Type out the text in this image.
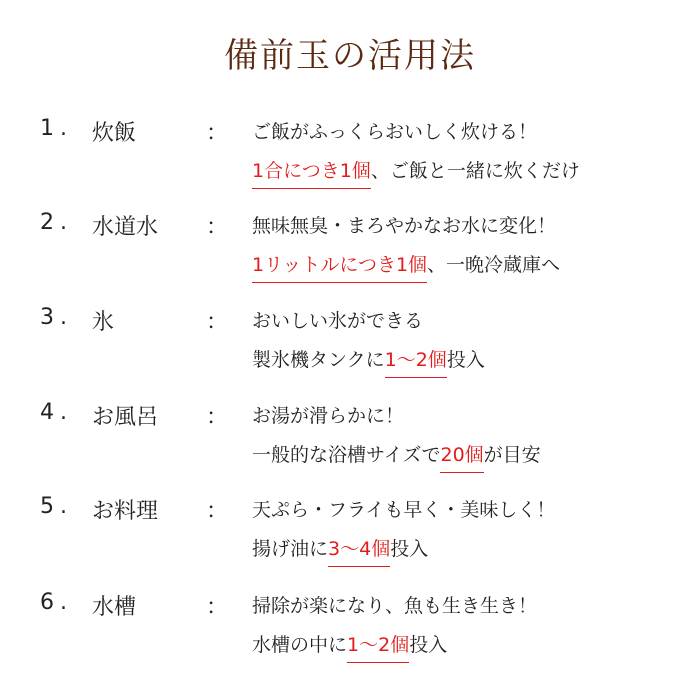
備前玉の活用法
1. 炊飯	： ご飯がふっくらおいしく炊ける！
1合につき1個、ご飯と一緒に炊くだけ
2. 水道水 ： 無味無臭・まろやかなお水に変化！
1リットルにつき1個、一晩冷蔵庫へ
3. 氷	： おいしい氷ができる
製氷機タンクに1〜2個投入
4. お風呂 ： お湯が滑らかに！
一般的な浴槽サイズで20個が目安
5. お料理 ： 天ぷら・フライも早く・美味しく！
揚げ油に3〜4個投入
6. 水槽	： 掃除が楽になり、魚も生き生き！
水槽の中に1〜2個投入
